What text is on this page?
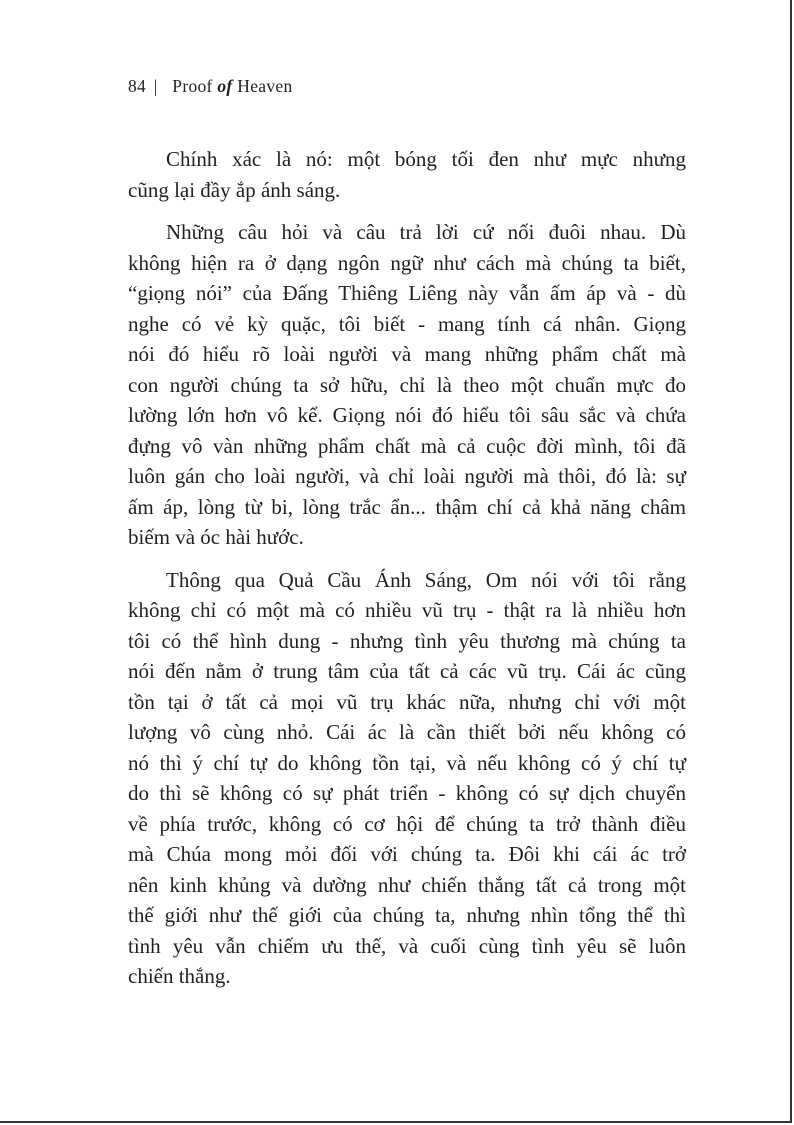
84 | Proof of Heaven
Chính xác là nó: một bóng tối đen như mực nhưng
cũng lại đầy ắp ánh sáng.
Những câu hỏi và câu trả lời cứ nối đuôi nhau. Dù
không hiện ra ở dạng ngôn ngữ như cách mà chúng ta biết,
“giọng nói” của Đấng Thiêng Liêng này vẫn ấm áp và - dù
nghe có vẻ kỳ quặc, tôi biết - mang tính cá nhân. Giọng
nói đó hiểu rõ loài người và mang những phẩm chất mà
con người chúng ta sở hữu, chỉ là theo một chuẩn mực đo
lường lớn hơn vô kể. Giọng nói đó hiểu tôi sâu sắc và chứa
đựng vô vàn những phẩm chất mà cả cuộc đời mình, tôi đã
luôn gán cho loài người, và chỉ loài người mà thôi, đó là: sự
ấm áp, lòng từ bi, lòng trắc ẩn... thậm chí cả khả năng châm
biếm và óc hài hước.
Thông qua Quả Cầu Ánh Sáng, Om nói với tôi rằng
không chỉ có một mà có nhiều vũ trụ - thật ra là nhiều hơn
tôi có thể hình dung - nhưng tình yêu thương mà chúng ta
nói đến nằm ở trung tâm của tất cả các vũ trụ. Cái ác cũng
tồn tại ở tất cả mọi vũ trụ khác nữa, nhưng chỉ với một
lượng vô cùng nhỏ. Cái ác là cần thiết bởi nếu không có
nó thì ý chí tự do không tồn tại, và nếu không có ý chí tự
do thì sẽ không có sự phát triển - không có sự dịch chuyển
về phía trước, không có cơ hội để chúng ta trở thành điều
mà Chúa mong mỏi đối với chúng ta. Đôi khi cái ác trở
nên kinh khủng và dường như chiến thắng tất cả trong một
thế giới như thế giới của chúng ta, nhưng nhìn tổng thể thì
tình yêu vẫn chiếm ưu thế, và cuối cùng tình yêu sẽ luôn
chiến thắng.
